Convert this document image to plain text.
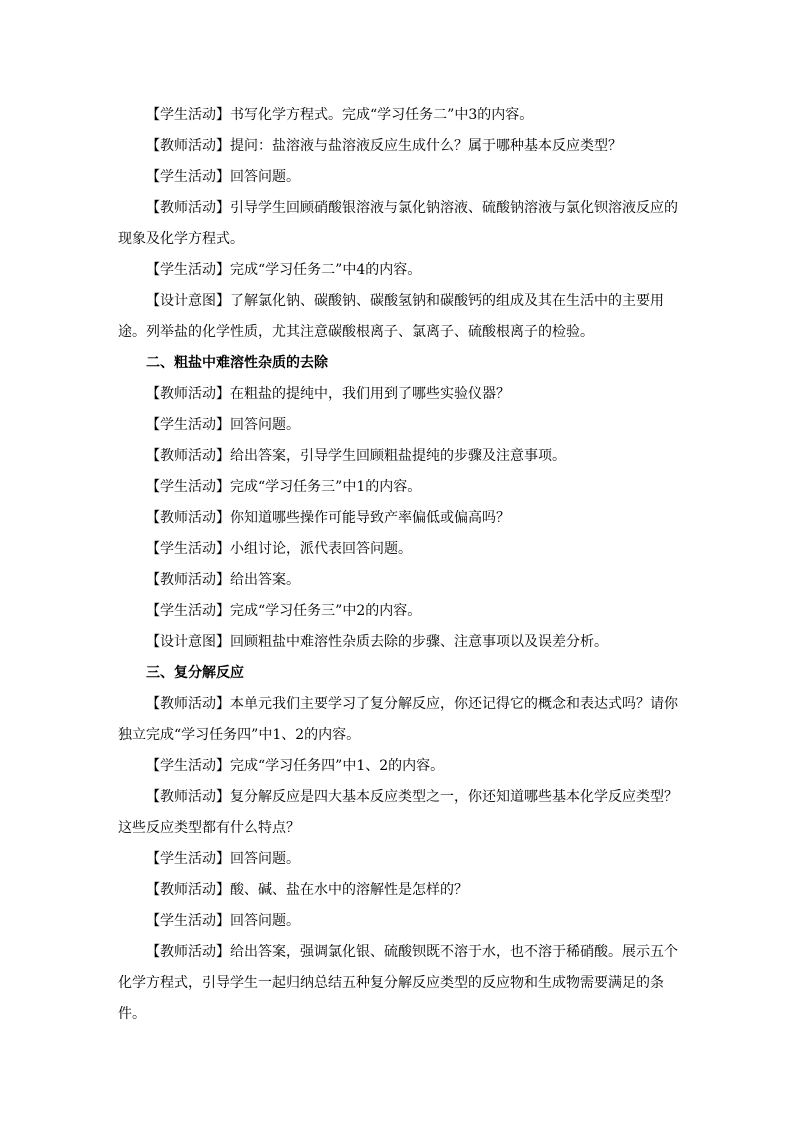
【学生活动】书写化学方程式。完成“学习任务二”中3的内容。

【教师活动】提问：盐溶液与盐溶液反应生成什么？属于哪种基本反应类型？

【学生活动】回答问题。

【教师活动】引导学生回顾硝酸银溶液与氯化钠溶液、硫酸钠溶液与氯化钡溶液反应的现象及化学方程式。

【学生活动】完成“学习任务二”中4的内容。

【设计意图】了解氯化钠、碳酸钠、碳酸氢钠和碳酸钙的组成及其在生活中的主要用途。列举盐的化学性质，尤其注意碳酸根离子、氯离子、硫酸根离子的检验。

二、粗盐中难溶性杂质的去除

【教师活动】在粗盐的提纯中，我们用到了哪些实验仪器？

【学生活动】回答问题。

【教师活动】给出答案，引导学生回顾粗盐提纯的步骤及注意事项。

【学生活动】完成“学习任务三”中1的内容。

【教师活动】你知道哪些操作可能导致产率偏低或偏高吗？

【学生活动】小组讨论，派代表回答问题。

【教师活动】给出答案。

【学生活动】完成“学习任务三”中2的内容。

【设计意图】回顾粗盐中难溶性杂质去除的步骤、注意事项以及误差分析。

三、复分解反应

【教师活动】本单元我们主要学习了复分解反应，你还记得它的概念和表达式吗？请你独立完成“学习任务四”中1、2的内容。

【学生活动】完成“学习任务四”中1、2的内容。

【教师活动】复分解反应是四大基本反应类型之一，你还知道哪些基本化学反应类型？这些反应类型都有什么特点？

【学生活动】回答问题。

【教师活动】酸、碱、盐在水中的溶解性是怎样的？

【学生活动】回答问题。

【教师活动】给出答案，强调氯化银、硫酸钡既不溶于水，也不溶于稀硝酸。展示五个化学方程式，引导学生一起归纳总结五种复分解反应类型的反应物和生成物需要满足的条件。
